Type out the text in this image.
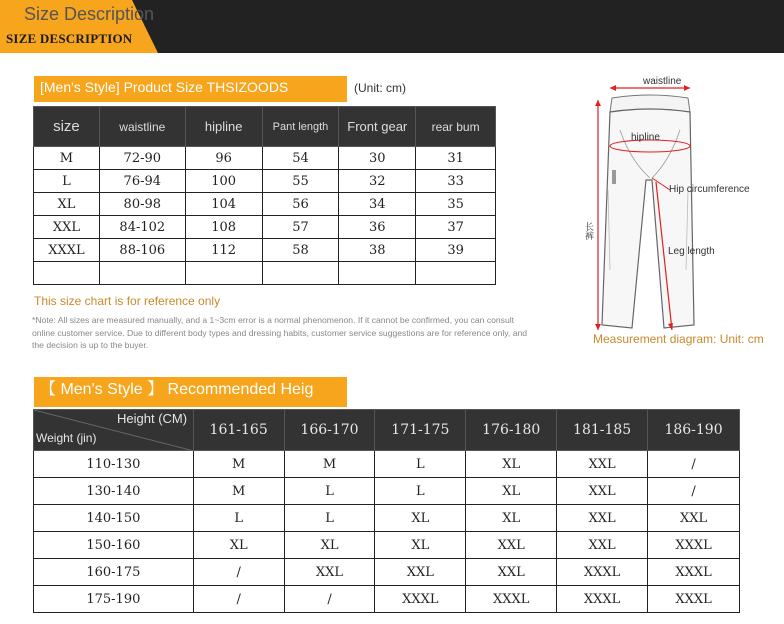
Size Description
SIZE DESCRIPTION
[Men's Style] Product Size THSIZOODS	(Unit: cm)
size	waistline	hipline	Pant length	Front gear	rear bum
M	72-90	96	54	30	31
L	76-94	100	55	32	33
XL	80-98	104	56	34	35
XXL	84-102	108	57	36	37
XXXL	88-106	112	58	38	39

This size chart is for reference only
*Note: All sizes are measured manually, and a 1~3cm error is a normal phenomenon. If it cannot be confirmed, you can consult online customer service. Due to different body types and dressing habits, customer service suggestions are for reference only, and the decision is up to the buyer.
waistline
hipline
Hip circumference
Leg length
长裤
Measurement diagram: Unit: cm
【 Men's Style 】 Recommended Heig
Height (CM)
Weight (jin)	161-165	166-170	171-175	176-180	181-185	186-190
110-130	M	M	L	XL	XXL	/
130-140	M	L	L	XL	XXL	/
140-150	L	L	XL	XL	XXL	XXL
150-160	XL	XL	XL	XXL	XXL	XXXL
160-175	/	XXL	XXL	XXL	XXXL	XXXL
175-190	/	/	XXXL	XXXL	XXXL	XXXL
